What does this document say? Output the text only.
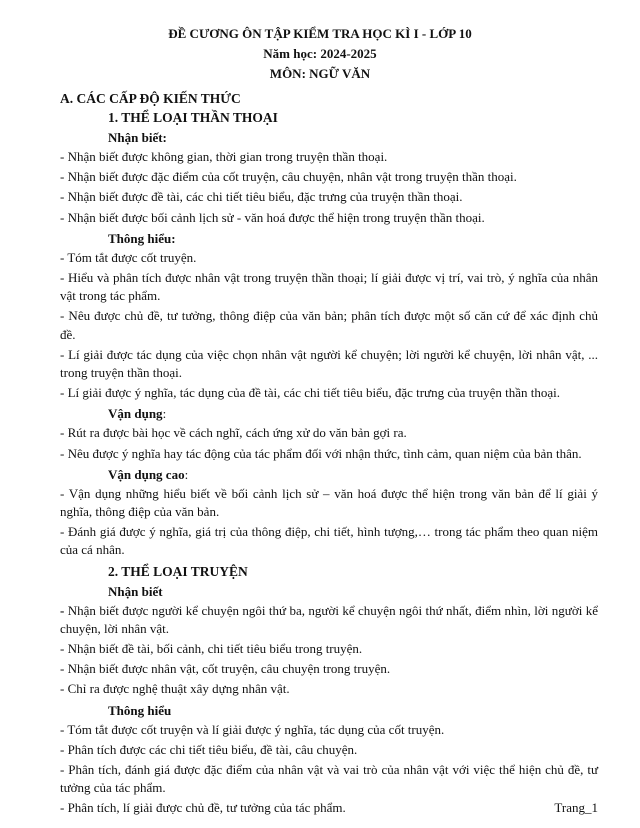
ĐỀ CƯƠNG ÔN TẬP KIỂM TRA HỌC KÌ I - LỚP 10
Năm học: 2024-2025
MÔN: NGỮ VĂN
A. CÁC CẤP ĐỘ KIẾN THỨC
1. THỂ LOẠI THẦN THOẠI
Nhận biết:
- Nhận biết được không gian, thời gian trong truyện thần thoại.
- Nhận biết được đặc điểm của cốt truyện, câu chuyện, nhân vật trong truyện thần thoại.
- Nhận biết được đề tài, các chi tiết tiêu biểu, đặc trưng của truyện thần thoại.
- Nhận biết được bối cảnh lịch sử - văn hoá được thể hiện trong truyện thần thoại.
Thông hiểu:
- Tóm tắt được cốt truyện.
- Hiểu và phân tích được nhân vật trong truyện thần thoại; lí giải được vị trí, vai trò, ý nghĩa của nhân vật trong tác phẩm.
- Nêu được chủ đề, tư tưởng, thông điệp của văn bản; phân tích được một số căn cứ để xác định chủ đề.
- Lí giải được tác dụng của việc chọn nhân vật người kể chuyện; lời người kể chuyện, lời nhân vật, ... trong truyện thần thoại.
- Lí giải được ý nghĩa, tác dụng của đề tài, các chi tiết tiêu biểu, đặc trưng của truyện thần thoại.
Vận dụng:
- Rút ra được bài học về cách nghĩ, cách ứng xử do văn bản gợi ra.
- Nêu được ý nghĩa hay tác động của tác phẩm đối với nhận thức, tình cảm, quan niệm của bản thân.
Vận dụng cao:
- Vận dụng những hiểu biết về bối cảnh lịch sử – văn hoá được thể hiện trong văn bản để lí giải ý nghĩa, thông điệp của văn bản.
- Đánh giá được ý nghĩa, giá trị của thông điệp, chi tiết, hình tượng,… trong tác phẩm theo quan niệm của cá nhân.
2. THỂ LOẠI TRUYỆN
Nhận biết
- Nhận biết được người kể chuyện ngôi thứ ba, người kể chuyện ngôi thứ nhất, điểm nhìn, lời người kể chuyện, lời nhân vật.
- Nhận biết đề tài, bối cảnh, chi tiết tiêu biểu trong truyện.
- Nhận biết được nhân vật, cốt truyện, câu chuyện trong truyện.
- Chỉ ra được nghệ thuật xây dựng nhân vật.
Thông hiểu
- Tóm tắt được cốt truyện và lí giải được ý nghĩa, tác dụng của cốt truyện.
- Phân tích được các chi tiết tiêu biểu, đề tài, câu chuyện.
- Phân tích, đánh giá được đặc điểm của nhân vật và vai trò của nhân vật với việc thể hiện chủ đề, tư tưởng của tác phẩm.
- Phân tích, lí giải được chủ đề, tư tưởng của tác phẩm.	Trang_1
